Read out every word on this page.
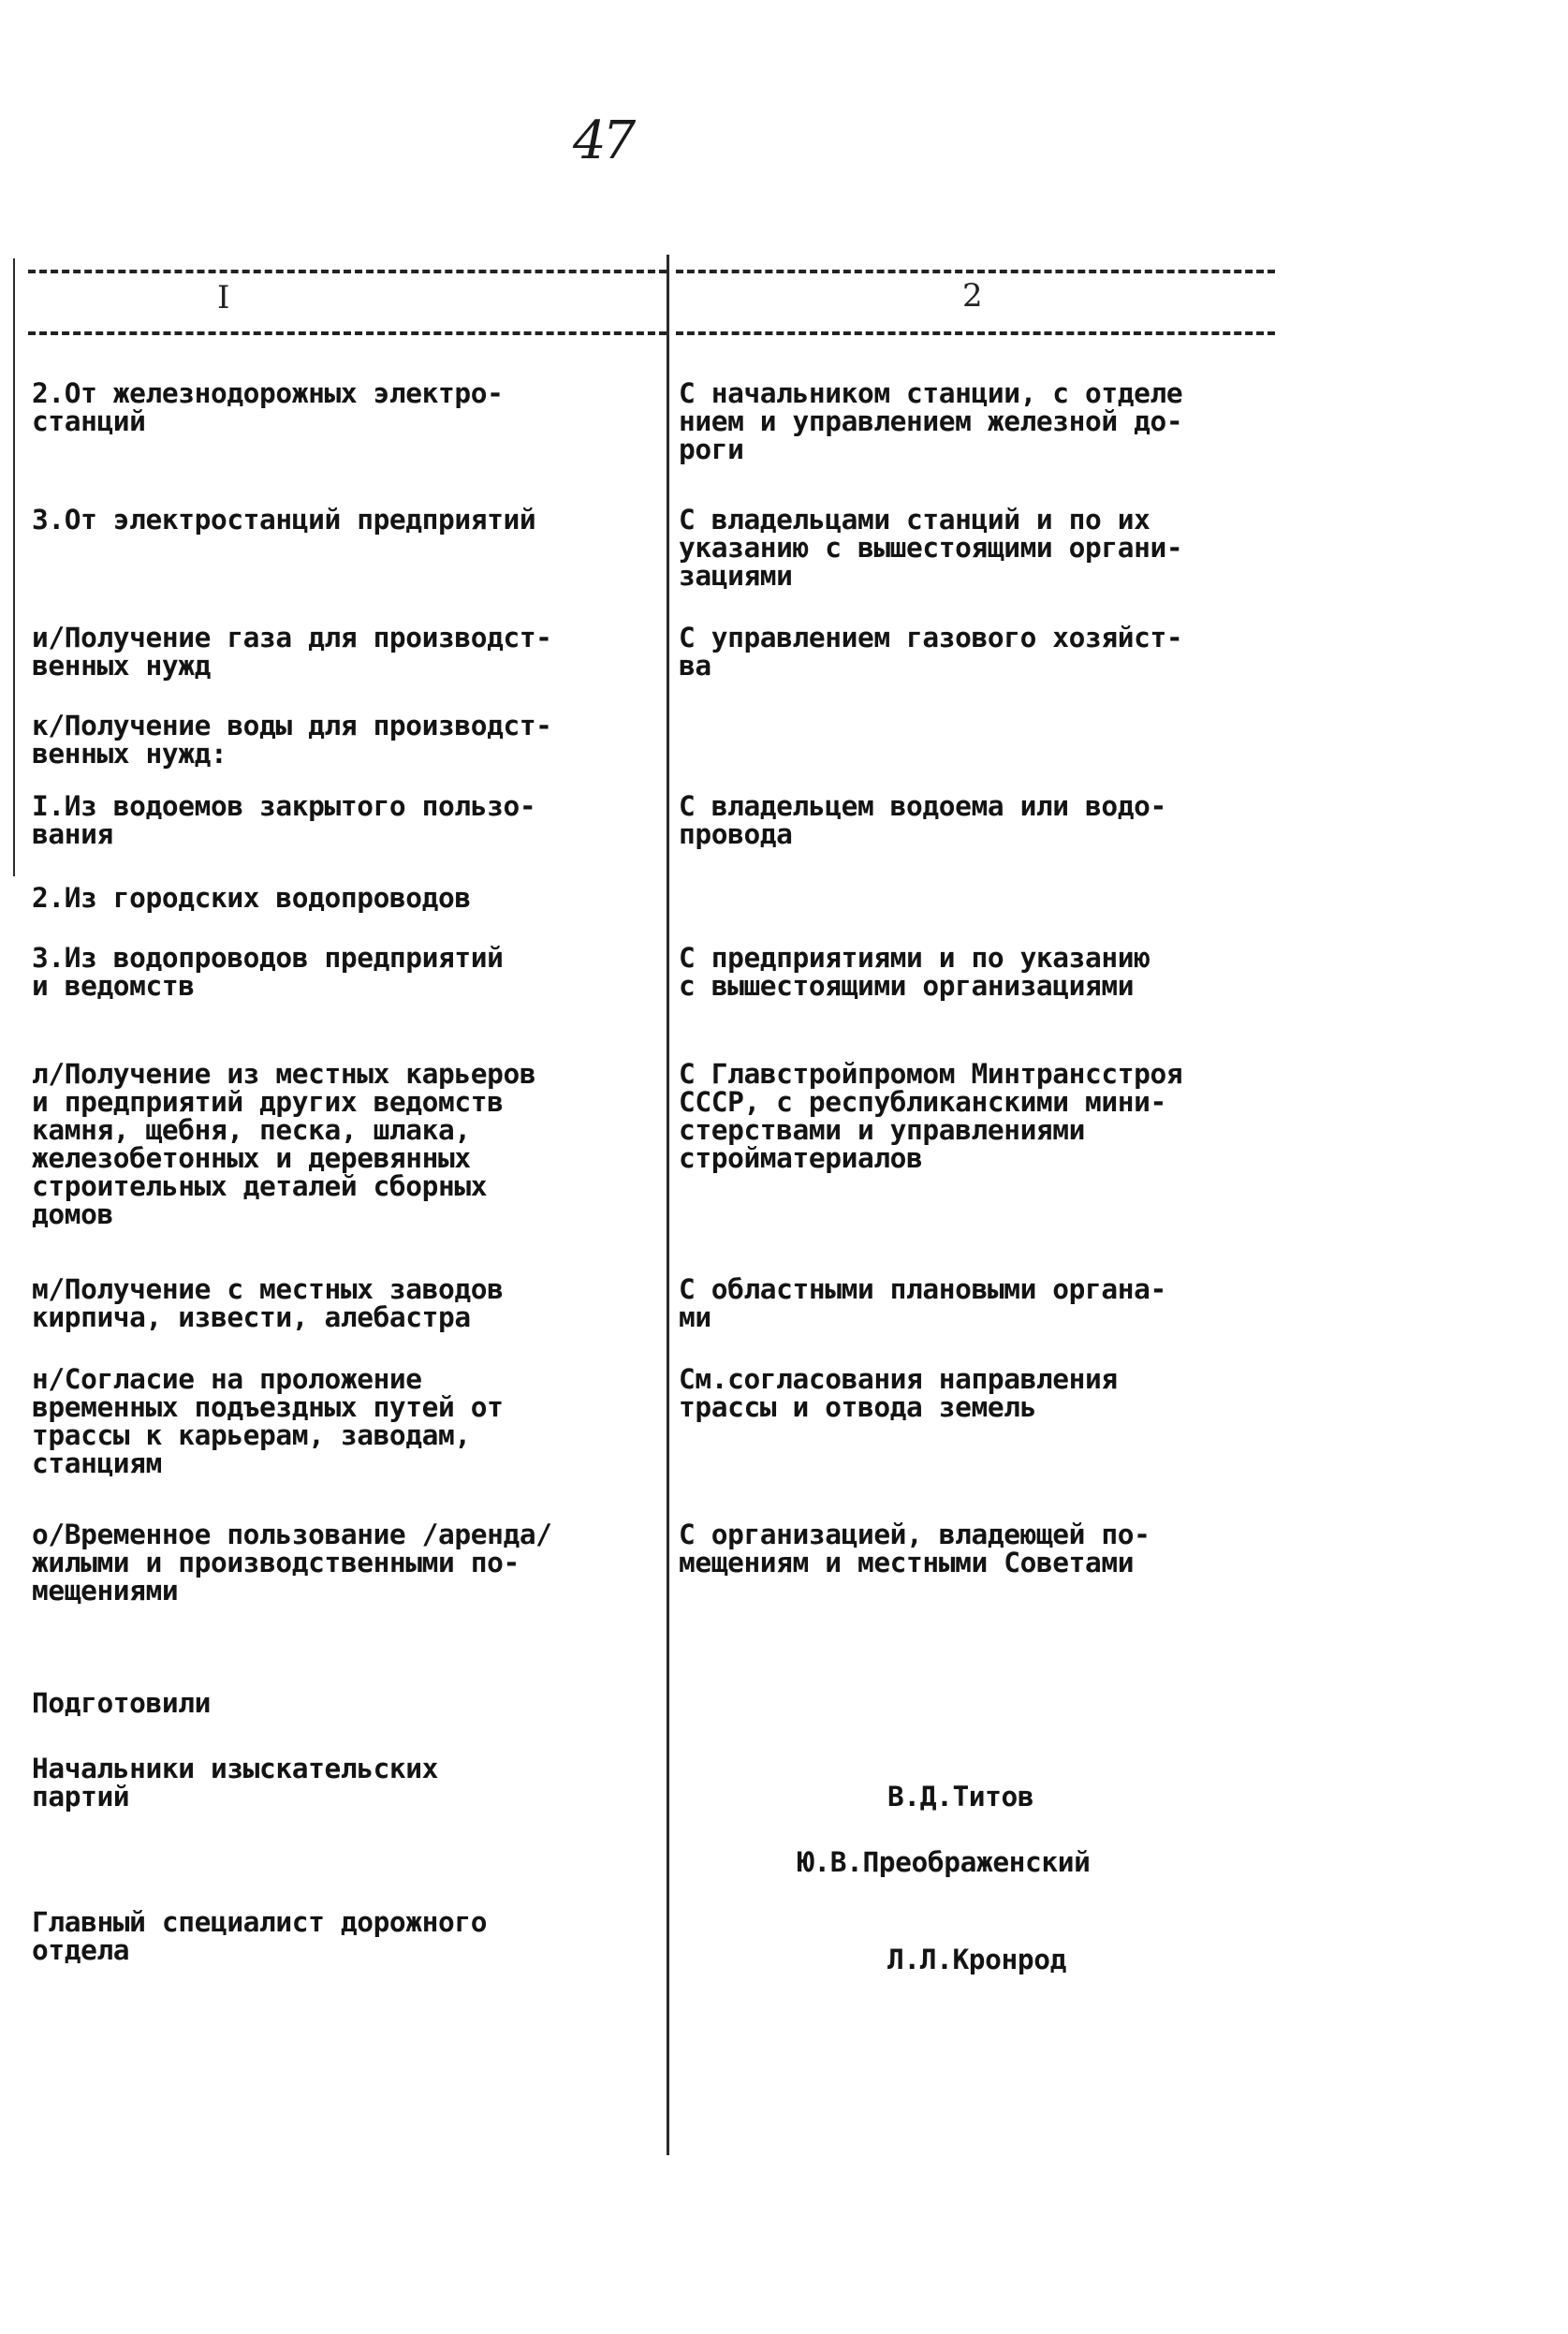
47
I	2
2.От железнодорожных электро-
станций
С начальником станции, с отделе
нием и управлением железной до-
роги
3.От электростанций предприятий	С владельцами станций и по их
указанию с вышестоящими органи-
зациями
и/Получение газа для производст-
венных нужд
С управлением газового хозяйст-
ва
к/Получение воды для производст-
венных нужд:
I.Из водоемов закрытого пользо-
вания
С владельцем водоема или водо-
провода
2.Из городских водопроводов
3.Из водопроводов предприятий
и ведомств
С предприятиями и по указанию
с вышестоящими организациями
л/Получение из местных карьеров
и предприятий других ведомств
камня, щебня, песка, шлака,
железобетонных и деревянных
строительных деталей сборных
домов
С Главстройпромом Минтрансстроя
СССР, с республиканскими мини-
стерствами и управлениями
стройматериалов
м/Получение с местных заводов
кирпича, извести, алебастра
С областными плановыми органа-
ми
н/Согласие на проложение
временных подъездных путей от
трассы к карьерам, заводам,
станциям
См.согласования направления
трассы и отвода земель
о/Временное пользование /аренда/
жилыми и производственными по-
мещениями
С организацией, владеющей по-
мещениям и местными Советами
Подготовили
Начальники изыскательских
партий
Главный специалист дорожного
отдела
В.Д.Титов
Ю.В.Преображенский
Л.Л.Кронрод
